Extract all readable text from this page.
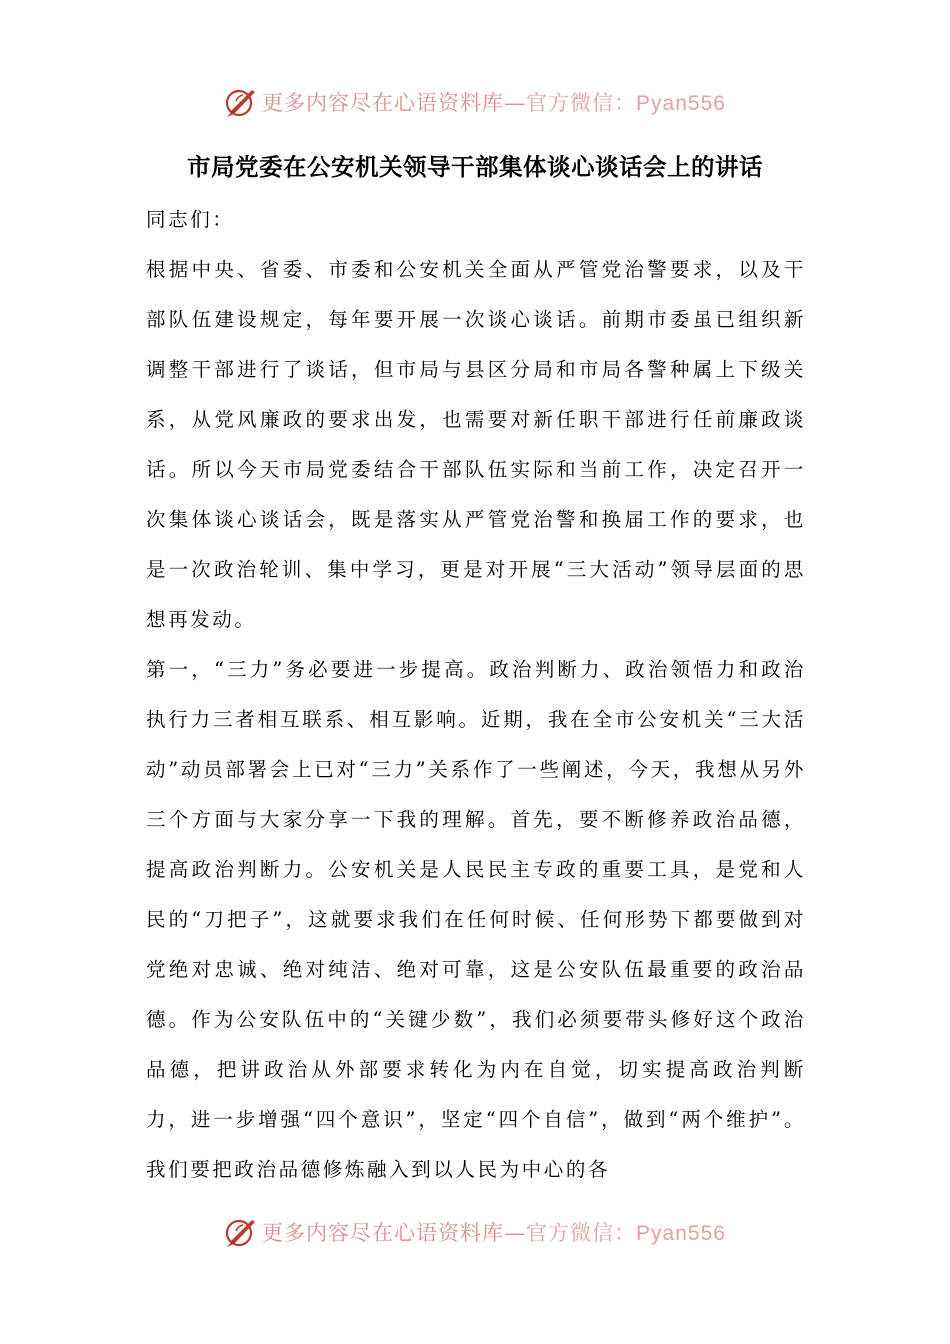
更多内容尽在心语资料库—官方微信：Pyan556
市局党委在公安机关领导干部集体谈心谈话会上的讲话

同志们：

根据中央、省委、市委和公安机关全面从严管党治警要求，以及干部队伍建设规定，每年要开展一次谈心谈话。前期市委虽已组织新调整干部进行了谈话，但市局与县区分局和市局各警种属上下级关系，从党风廉政的要求出发，也需要对新任职干部进行任前廉政谈话。所以今天市局党委结合干部队伍实际和当前工作，决定召开一次集体谈心谈话会，既是落实从严管党治警和换届工作的要求，也是一次政治轮训、集中学习，更是对开展“三大活动”领导层面的思想再发动。

第一，“三力”务必要进一步提高。政治判断力、政治领悟力和政治执行力三者相互联系、相互影响。近期，我在全市公安机关“三大活动”动员部署会上已对“三力”关系作了一些阐述，今天，我想从另外三个方面与大家分享一下我的理解。首先，要不断修养政治品德，提高政治判断力。公安机关是人民民主专政的重要工具，是党和人民的“刀把子”，这就要求我们在任何时候、任何形势下都要做到对党绝对忠诚、绝对纯洁、绝对可靠，这是公安队伍最重要的政治品德。作为公安队伍中的“关键少数”，我们必须要带头修好这个政治品德，把讲政治从外部要求转化为内在自觉，切实提高政治判断力，进一步增强“四个意识”，坚定“四个自信”，做到“两个维护”。我们要把政治品德修炼融入到以人民为中心的各

更多内容尽在心语资料库—官方微信：Pyan556
